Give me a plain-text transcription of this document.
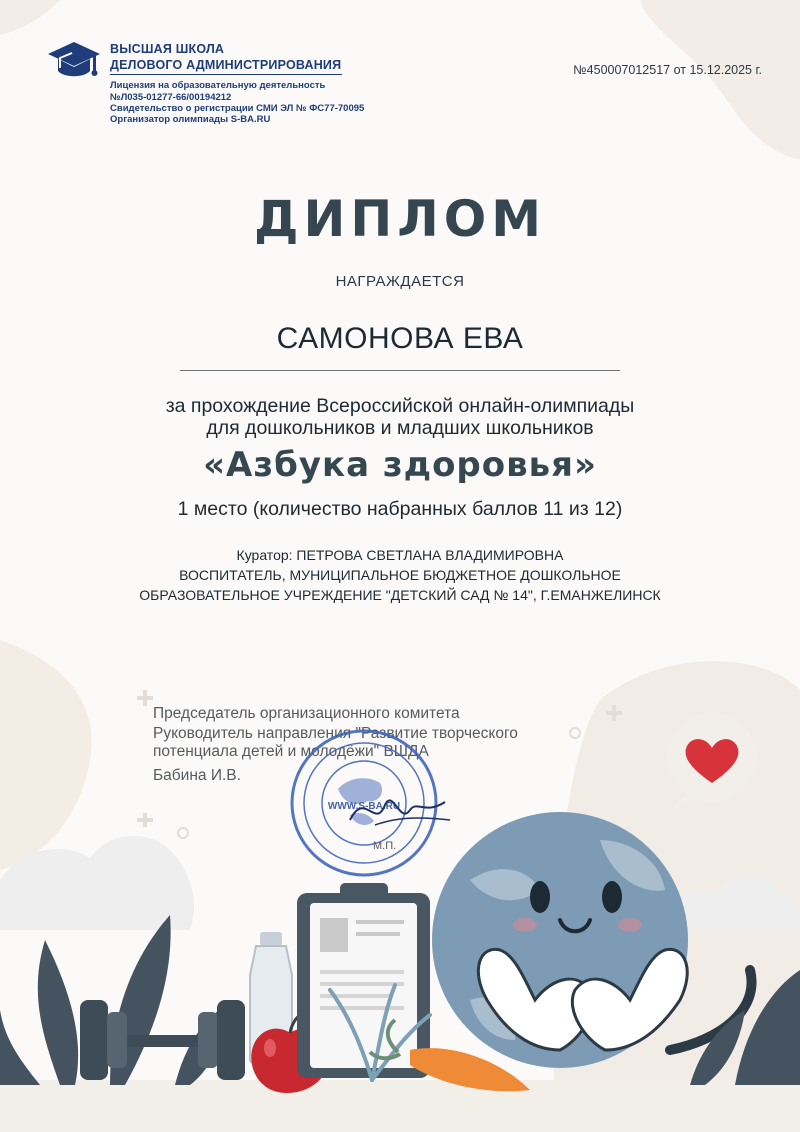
ВЫСШАЯ ШКОЛА
ДЕЛОВОГО АДМИНИСТРИРОВАНИЯ
Лицензия на образовательную деятельность
№Л035-01277-66/00194212
Свидетельство о регистрации СМИ ЭЛ № ФС77-70095
Организатор олимпиады S-BA.RU
№450007012517 от 15.12.2025 г.
ДИПЛОМ
НАГРАЖДАЕТСЯ
САМОНОВА ЕВА
за прохождение Всероссийской онлайн-олимпиады
для дошкольников и младших школьников
«Азбука здоровья»
1 место (количество набранных баллов 11 из 12)
Куратор: ПЕТРОВА СВЕТЛАНА ВЛАДИМИРОВНА
ВОСПИТАТЕЛЬ, МУНИЦИПАЛЬНОЕ БЮДЖЕТНОЕ ДОШКОЛЬНОЕ
ОБРАЗОВАТЕЛЬНОЕ УЧРЕЖДЕНИЕ "ДЕТСКИЙ САД № 14", Г.ЕМАНЖЕЛИНСК
Председатель организационного комитета
Руководитель направления "Развитие творческого
потенциала детей и молодёжи" ВШДА
Бабина И.В.
М.П.
WWW.S-BA.RU
